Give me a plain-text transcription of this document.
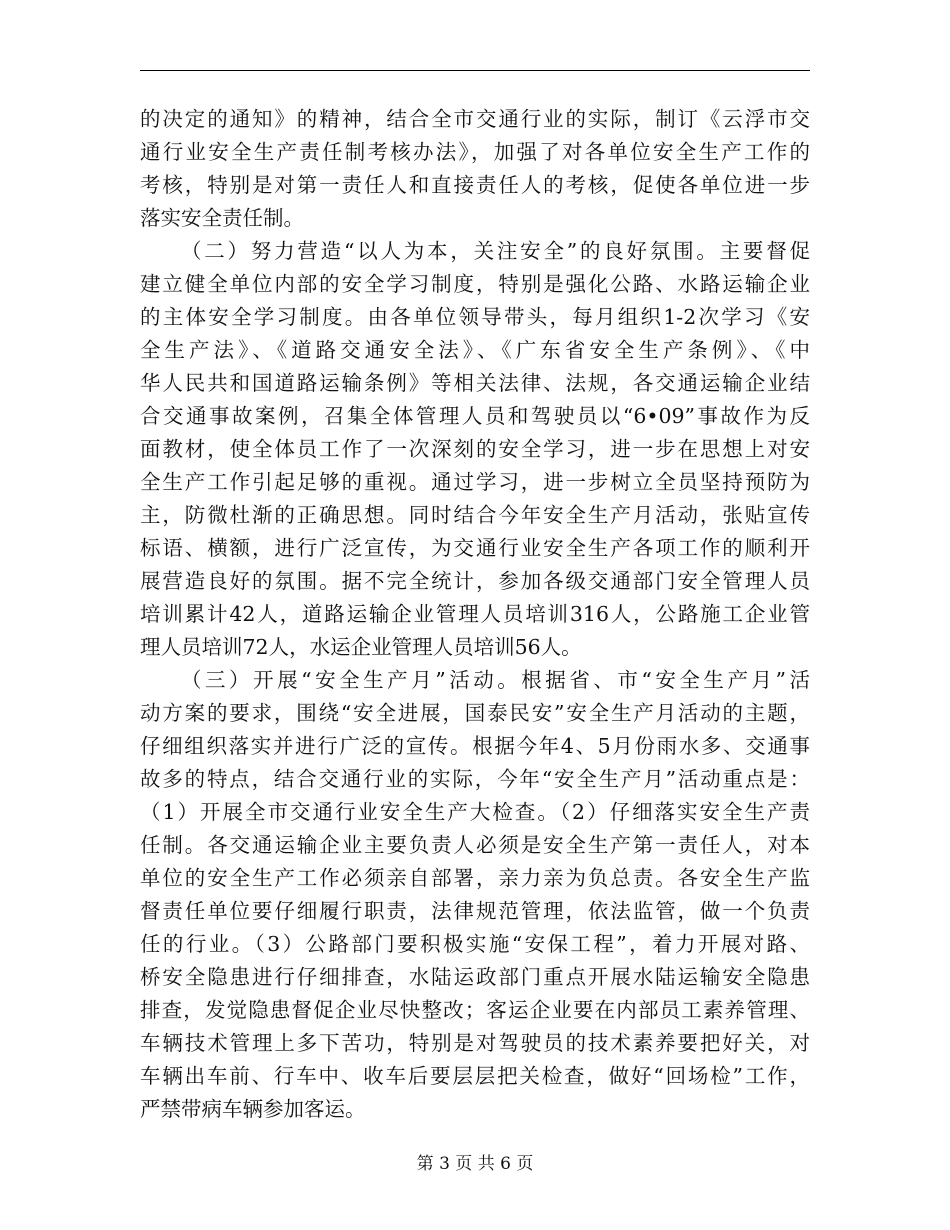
的决定的通知》的精神，结合全市交通行业的实际，制订《云浮市交
通行业安全生产责任制考核办法》，加强了对各单位安全生产工作的
考核，特别是对第一责任人和直接责任人的考核，促使各单位进一步
落实安全责任制。
（二）努力营造“以人为本，关注安全”的良好氛围。主要督促
建立健全单位内部的安全学习制度，特别是强化公路、水路运输企业
的主体安全学习制度。由各单位领导带头，每月组织1-2次学习《安
全生产法》、《道路交通安全法》、《广东省安全生产条例》、《中
华人民共和国道路运输条例》等相关法律、法规，各交通运输企业结
合交通事故案例，召集全体管理人员和驾驶员以“6•09”事故作为反
面教材，使全体员工作了一次深刻的安全学习，进一步在思想上对安
全生产工作引起足够的重视。通过学习，进一步树立全员坚持预防为
主，防微杜渐的正确思想。同时结合今年安全生产月活动，张贴宣传
标语、横额，进行广泛宣传，为交通行业安全生产各项工作的顺利开
展营造良好的氛围。据不完全统计，参加各级交通部门安全管理人员
培训累计42人，道路运输企业管理人员培训316人，公路施工企业管
理人员培训72人，水运企业管理人员培训56人。
（三）开展“安全生产月”活动。根据省、市“安全生产月”活
动方案的要求，围绕“安全进展，国泰民安”安全生产月活动的主题，
仔细组织落实并进行广泛的宣传。根据今年4、5月份雨水多、交通事
故多的特点，结合交通行业的实际，今年“安全生产月”活动重点是：
（1）开展全市交通行业安全生产大检查。（2）仔细落实安全生产责
任制。各交通运输企业主要负责人必须是安全生产第一责任人，对本
单位的安全生产工作必须亲自部署，亲力亲为负总责。各安全生产监
督责任单位要仔细履行职责，法律规范管理，依法监管，做一个负责
任的行业。（3）公路部门要积极实施“安保工程”，着力开展对路、
桥安全隐患进行仔细排查，水陆运政部门重点开展水陆运输安全隐患
排查，发觉隐患督促企业尽快整改；客运企业要在内部员工素养管理、
车辆技术管理上多下苦功，特别是对驾驶员的技术素养要把好关，对
车辆出车前、行车中、收车后要层层把关检查，做好“回场检”工作，
严禁带病车辆参加客运。
第 3 页 共 6 页
